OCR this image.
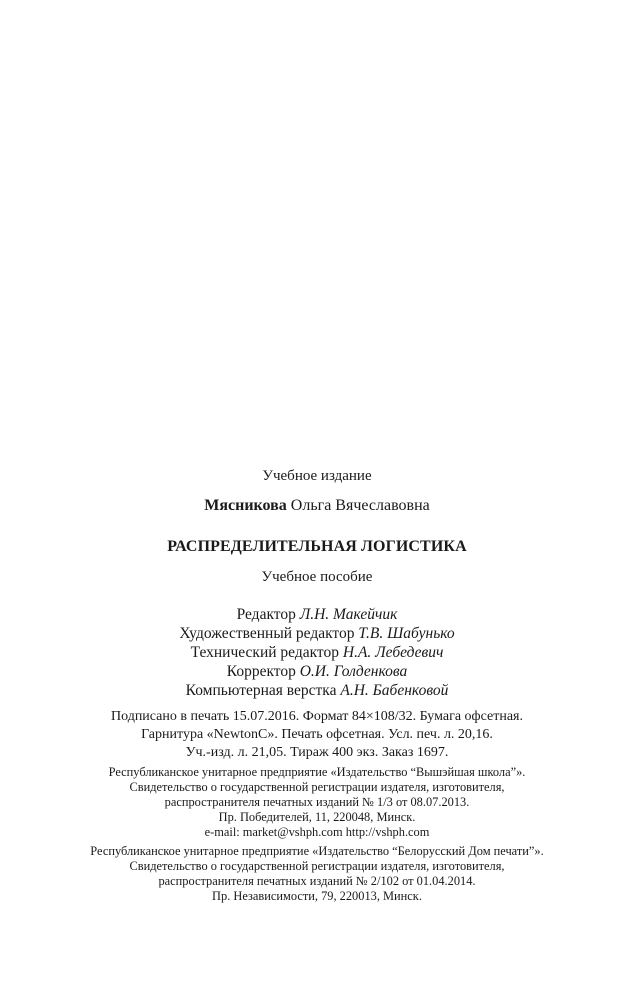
Учебное издание
Мясникова Ольга Вячеславовна
РАСПРЕДЕЛИТЕЛЬНАЯ ЛОГИСТИКА
Учебное пособие
Редактор Л.Н. Макейчик
Художественный редактор Т.В. Шабунько
Технический редактор Н.А. Лебедевич
Корректор О.И. Голденкова
Компьютерная верстка А.Н. Бабенковой
Подписано в печать 15.07.2016. Формат 84×108/32. Бумага офсетная.
Гарнитура «NewtonC». Печать офсетная. Усл. печ. л. 20,16.
Уч.-изд. л. 21,05. Тираж 400 экз. Заказ 1697.
Республиканское унитарное предприятие «Издательство “Вышэйшая школа”».
Свидетельство о государственной регистрации издателя, изготовителя,
распространителя печатных изданий № 1/3 от 08.07.2013.
Пр. Победителей, 11, 220048, Минск.
e-mail: market@vshph.com http://vshph.com
Республиканское унитарное предприятие «Издательство “Белорусский Дом печати”».
Свидетельство о государственной регистрации издателя, изготовителя,
распространителя печатных изданий № 2/102 от 01.04.2014.
Пр. Независимости, 79, 220013, Минск.
